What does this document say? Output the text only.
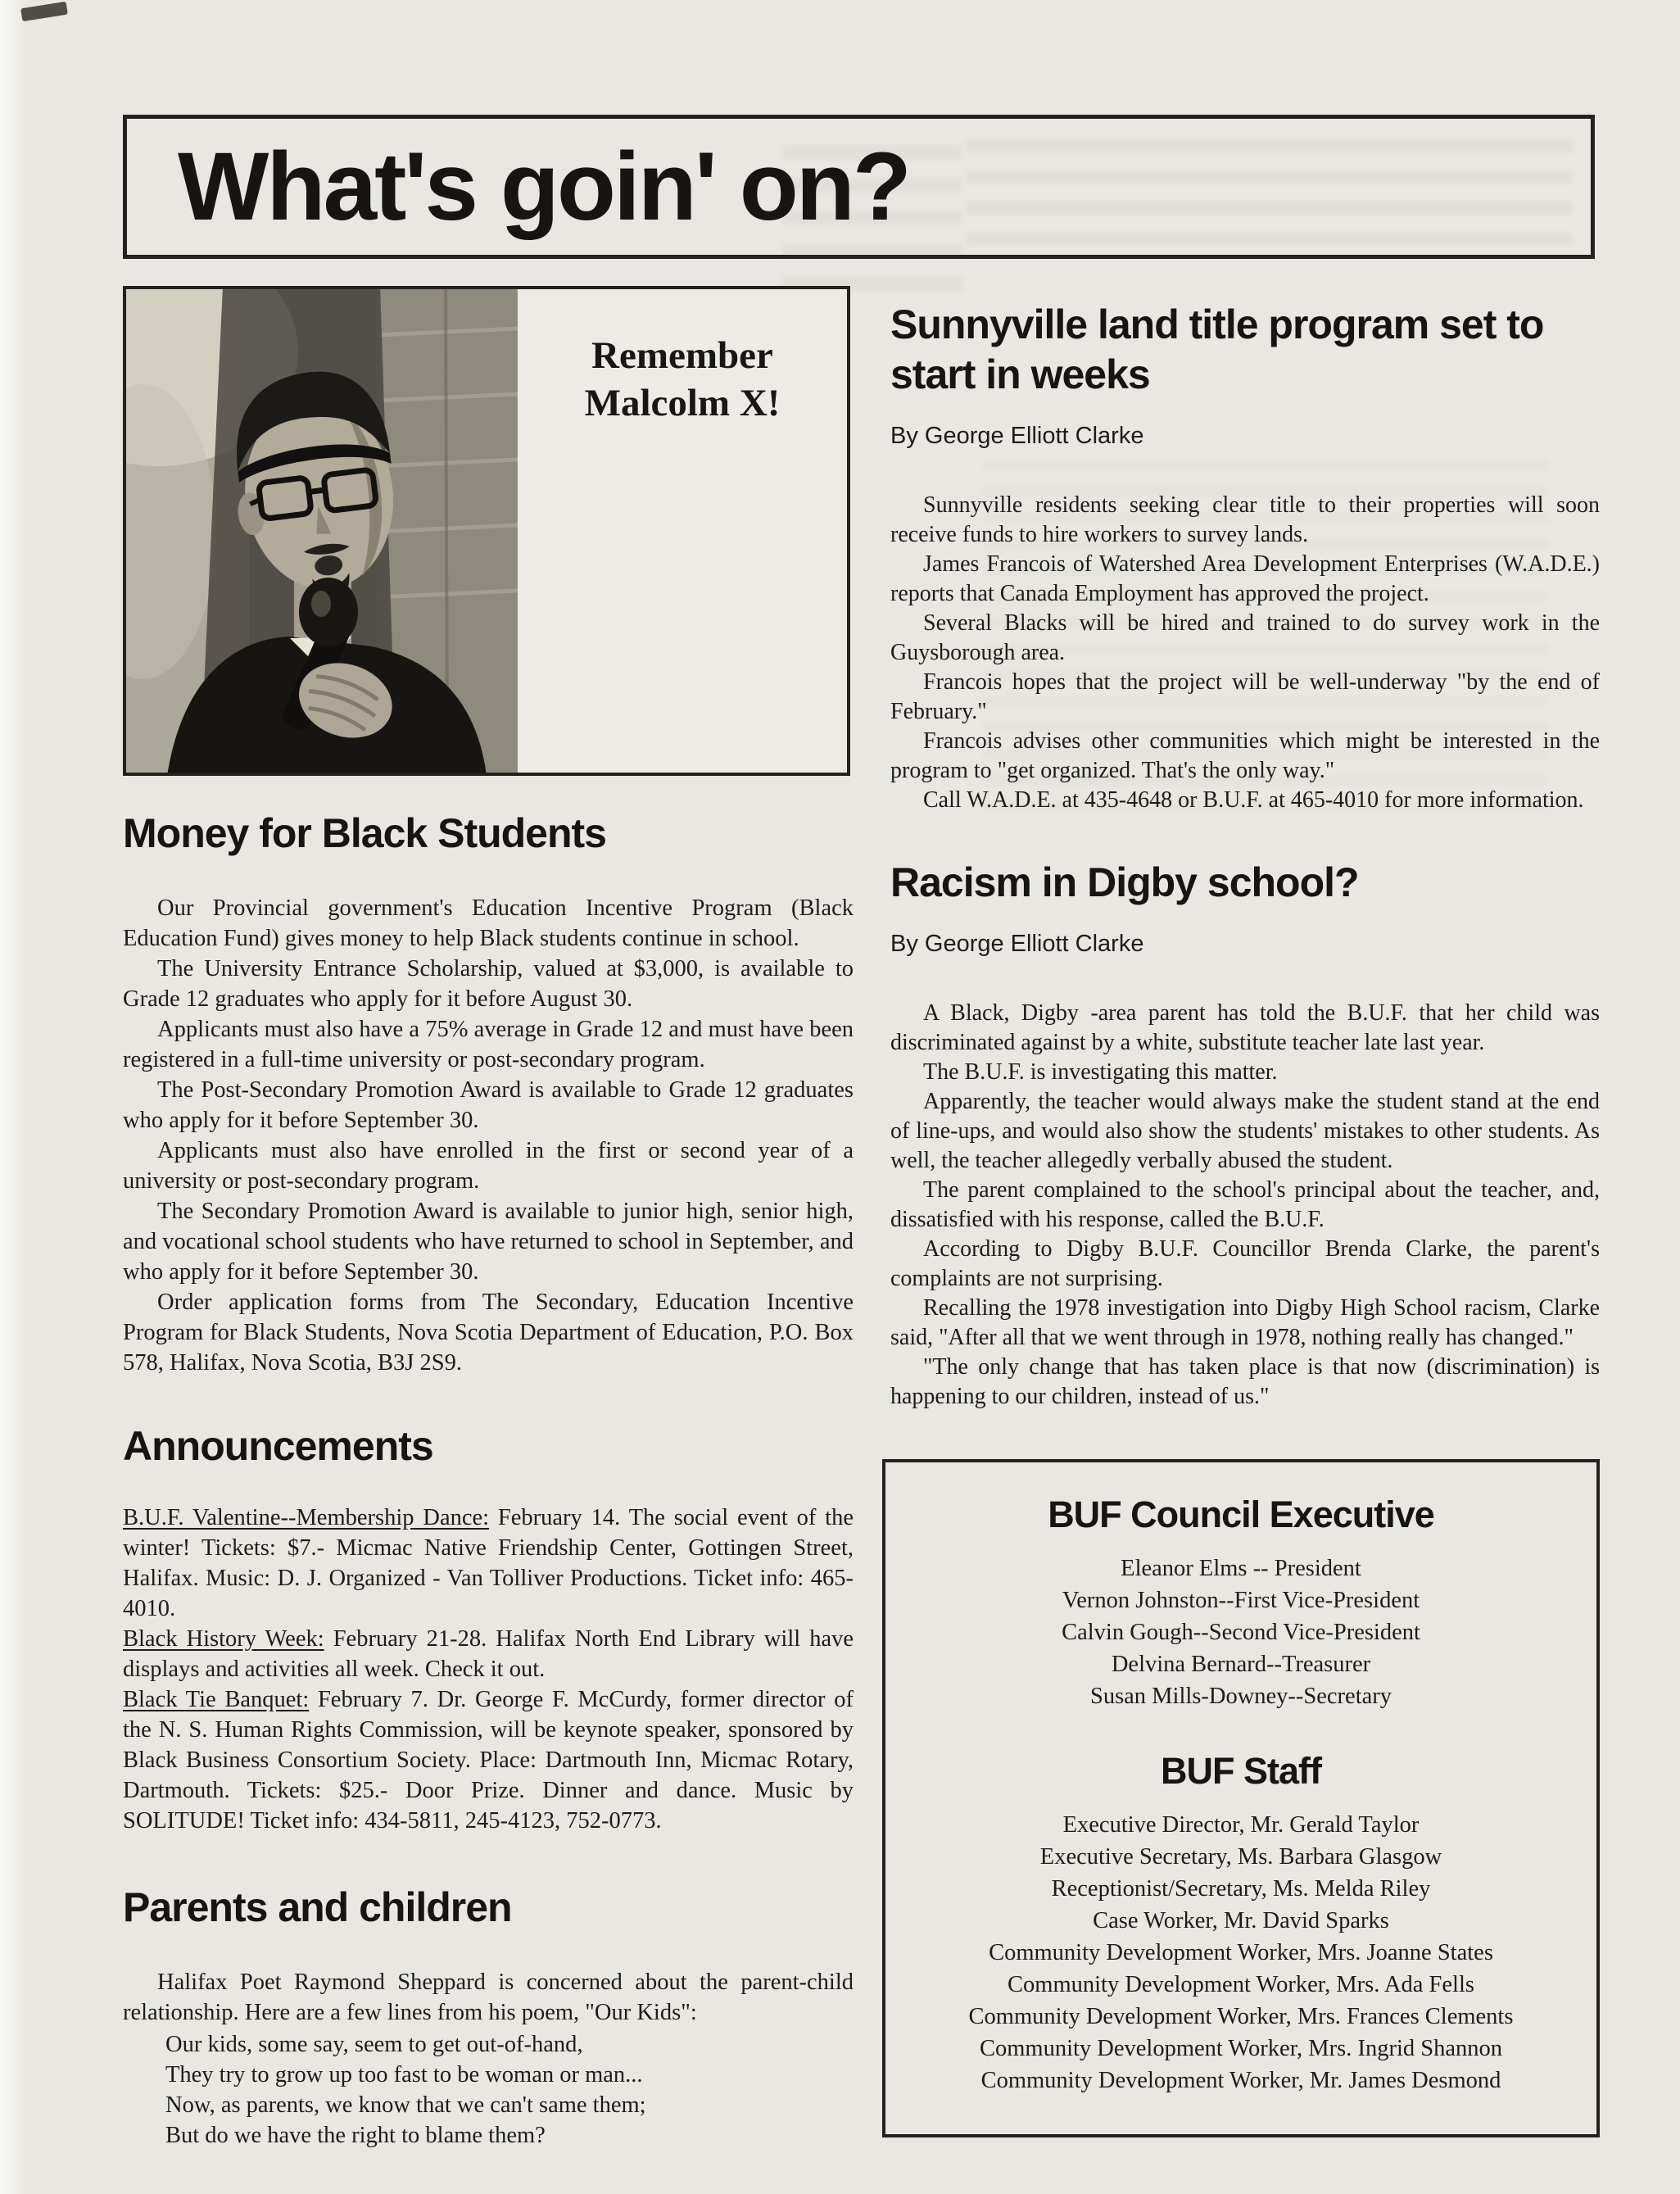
What's goin' on?
Remember
Malcolm X!
Money for Black Students

Our Provincial government's Education Incentive Program (Black Education Fund) gives money to help Black students continue in school.

The University Entrance Scholarship, valued at $3,000, is available to Grade 12 graduates who apply for it before August 30.

Applicants must also have a 75% average in Grade 12 and must have been registered in a full-time university or post-secondary program.

The Post-Secondary Promotion Award is available to Grade 12 graduates who apply for it before September 30.

Applicants must also have enrolled in the first or second year of a university or post-secondary program.

The Secondary Promotion Award is available to junior high, senior high, and vocational school students who have returned to school in September, and who apply for it before September 30.

Order application forms from The Secondary, Education Incentive Program for Black Students, Nova Scotia Department of Education, P.O. Box 578, Halifax, Nova Scotia, B3J 2S9.

Announcements

B.U.F. Valentine--Membership Dance: February 14. The social event of the winter! Tickets: $7.- Micmac Native Friendship Center, Gottingen Street, Halifax. Music: D. J. Organized - Van Tolliver Productions. Ticket info: 465-4010.

Black History Week: February 21-28. Halifax North End Library will have displays and activities all week. Check it out.

Black Tie Banquet: February 7. Dr. George F. McCurdy, former director of the N. S. Human Rights Commission, will be keynote speaker, sponsored by Black Business Consortium Society. Place: Dartmouth Inn, Micmac Rotary, Dartmouth. Tickets: $25.- Door Prize. Dinner and dance. Music by SOLITUDE! Ticket info: 434-5811, 245-4123, 752-0773.

Parents and children

Halifax Poet Raymond Sheppard is concerned about the parent-child relationship. Here are a few lines from his poem, "Our Kids":

Our kids, some say, seem to get out-of-hand,
They try to grow up too fast to be woman or man...
Now, as parents, we know that we can't same them;
But do we have the right to blame them?
Sunnyville land title program set to start in weeks
By George Elliott Clarke

Sunnyville residents seeking clear title to their properties will soon receive funds to hire workers to survey lands.

James Francois of Watershed Area Development Enterprises (W.A.D.E.) reports that Canada Employment has approved the project.

Several Blacks will be hired and trained to do survey work in the Guysborough area.

Francois hopes that the project will be well-underway "by the end of February."

Francois advises other communities which might be interested in the program to "get organized. That's the only way."

Call W.A.D.E. at 435-4648 or B.U.F. at 465-4010 for more information.

Racism in Digby school?
By George Elliott Clarke

A Black, Digby -area parent has told the B.U.F. that her child was discriminated against by a white, substitute teacher late last year.

The B.U.F. is investigating this matter.

Apparently, the teacher would always make the student stand at the end of line-ups, and would also show the students' mistakes to other students. As well, the teacher allegedly verbally abused the student.

The parent complained to the school's principal about the teacher, and, dissatisfied with his response, called the B.U.F.

According to Digby B.U.F. Councillor Brenda Clarke, the parent's complaints are not surprising.

Recalling the 1978 investigation into Digby High School racism, Clarke said, "After all that we went through in 1978, nothing really has changed."

"The only change that has taken place is that now (discrimination) is happening to our children, instead of us."

BUF Council Executive
Eleanor Elms -- President
Vernon Johnston--First Vice-President
Calvin Gough--Second Vice-President
Delvina Bernard--Treasurer
Susan Mills-Downey--Secretary
BUF Staff
Executive Director, Mr. Gerald Taylor
Executive Secretary, Ms. Barbara Glasgow
Receptionist/Secretary, Ms. Melda Riley
Case Worker, Mr. David Sparks
Community Development Worker, Mrs. Joanne States
Community Development Worker, Mrs. Ada Fells
Community Development Worker, Mrs. Frances Clements
Community Development Worker, Mrs. Ingrid Shannon
Community Development Worker, Mr. James Desmond
